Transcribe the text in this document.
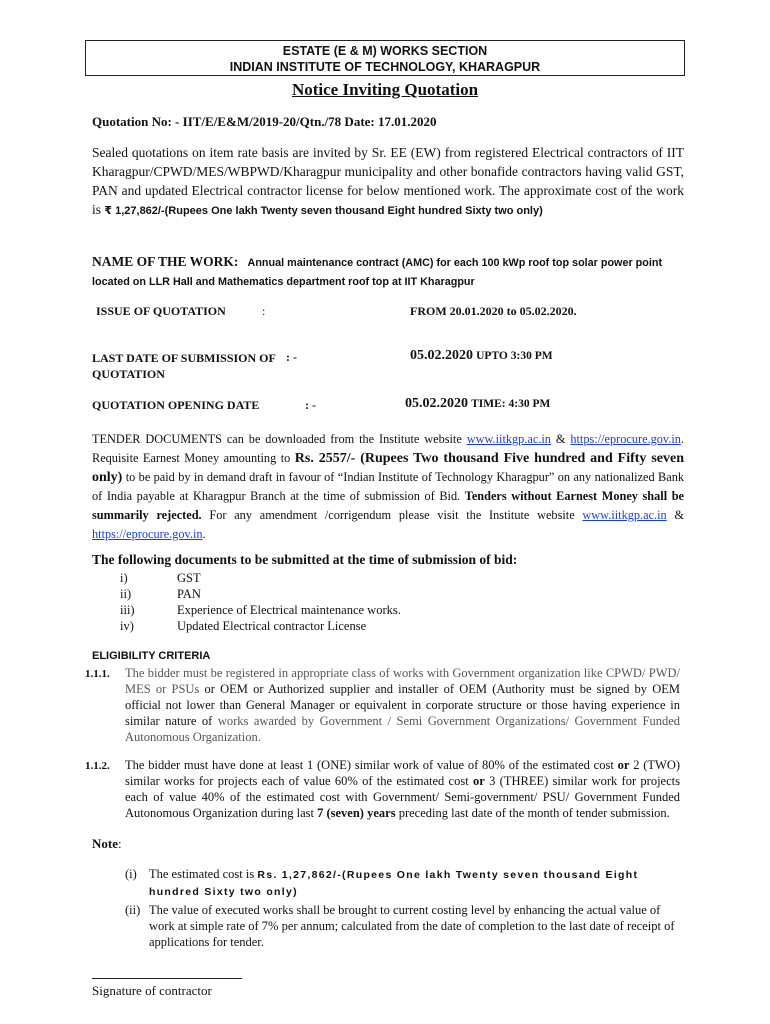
ESTATE (E & M) WORKS SECTION
INDIAN INSTITUTE OF TECHNOLOGY, KHARAGPUR
Notice Inviting Quotation
Quotation No: - IIT/E/E&M/2019-20/Qtn./78 Date: 17.01.2020
Sealed quotations on item rate basis are invited by Sr. EE (EW) from registered Electrical contractors of IIT Kharagpur/CPWD/MES/WBPWD/Kharagpur municipality and other bonafide contractors having valid GST, PAN and updated Electrical contractor license for below mentioned work. The approximate cost of the work is ₹ 1,27,862/-(Rupees One lakh Twenty seven thousand Eight hundred Sixty two only)
NAME OF THE WORK: Annual maintenance contract (AMC) for each 100 kWp roof top solar power point located on LLR Hall and Mathematics department roof top at IIT Kharagpur
ISSUE OF QUOTATION	:	FROM 20.01.2020 to 05.02.2020.
LAST DATE OF SUBMISSION OF QUOTATION
: -	05.02.2020 UPTO 3:30 PM
QUOTATION OPENING DATE	: -	05.02.2020 TIME: 4:30 PM
TENDER DOCUMENTS can be downloaded from the Institute website www.iitkgp.ac.in & https://eprocure.gov.in. Requisite Earnest Money amounting to Rs. 2557/- (Rupees Two thousand Five hundred and Fifty seven only) to be paid by in demand draft in favour of “Indian Institute of Technology Kharagpur” on any nationalized Bank of India payable at Kharagpur Branch at the time of submission of Bid. Tenders without Earnest Money shall be summarily rejected. For any amendment /corrigendum please visit the Institute website www.iitkgp.ac.in & https://eprocure.gov.in.
The following documents to be submitted at the time of submission of bid:
i)	GST
ii)	PAN
iii)	Experience of Electrical maintenance works.
iv)	Updated Electrical contractor License
ELIGIBILITY CRITERIA
1.1.1. The bidder must be registered in appropriate class of works with Government organization like CPWD/ PWD/ MES or PSUs or OEM or Authorized supplier and installer of OEM (Authority must be signed by OEM official not lower than General Manager or equivalent in corporate structure or those having experience in similar nature of works awarded by Government / Semi Government Organizations/ Government Funded Autonomous Organization.
1.1.2. The bidder must have done at least 1 (ONE) similar work of value of 80% of the estimated cost or 2 (TWO) similar works for projects each of value 60% of the estimated cost or 3 (THREE) similar work for projects each of value 40% of the estimated cost with Government/ Semi-government/ PSU/ Government Funded Autonomous Organization during last 7 (seven) years preceding last date of the month of tender submission.
Note:
(i) The estimated cost is Rs. 1,27,862/-(Rupees One lakh Twenty seven thousand Eight hundred Sixty two only)
(ii) The value of executed works shall be brought to current costing level by enhancing the actual value of work at simple rate of 7% per annum; calculated from the date of completion to the last date of receipt of applications for tender.
Signature of contractor
